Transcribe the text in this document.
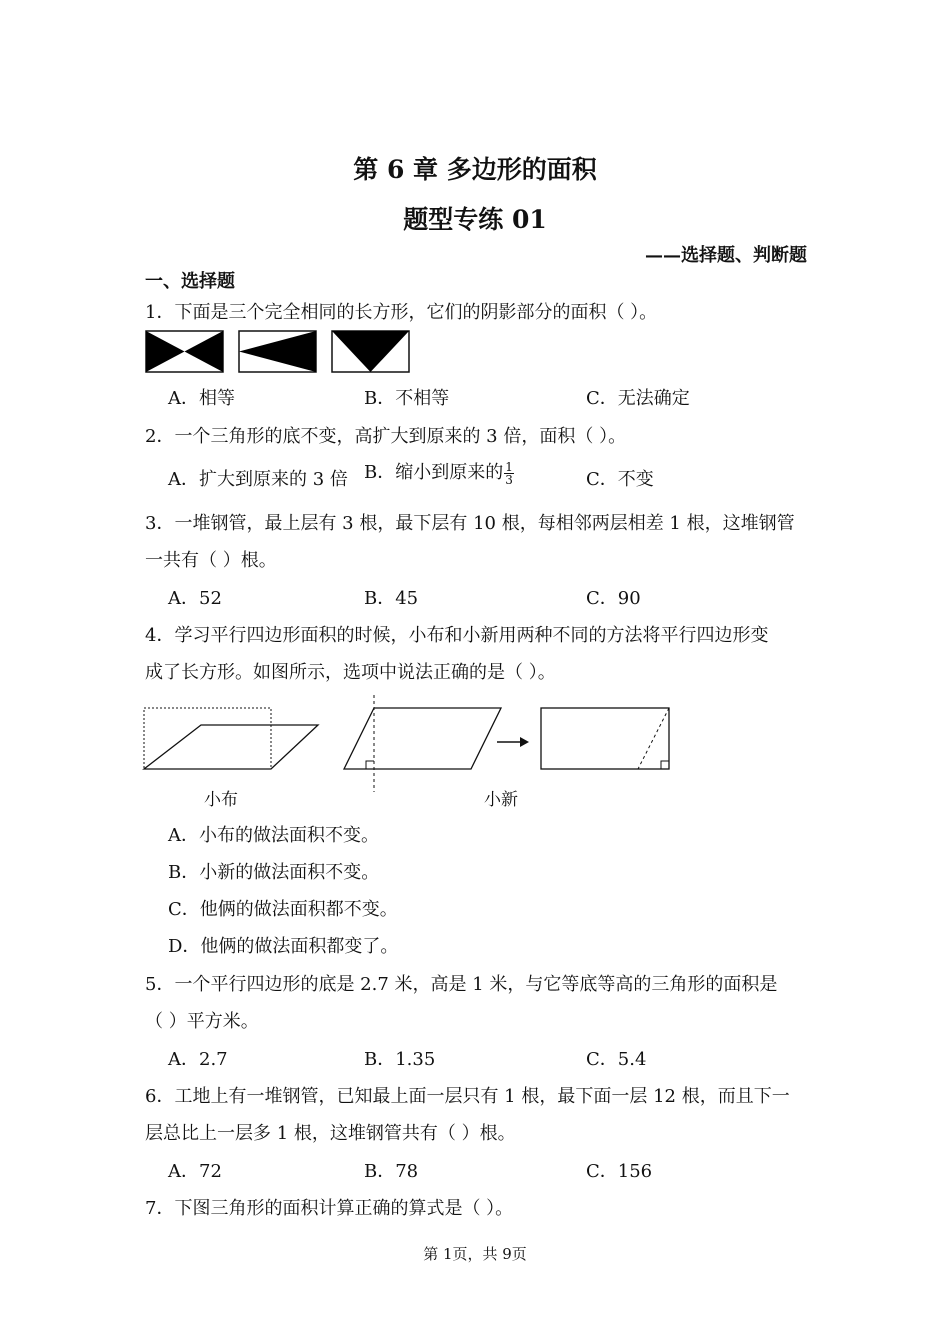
第 6 章 多边形的面积
题型专练 01
——选择题、判断题
一、选择题
1．下面是三个完全相同的长方形，它们的阴影部分的面积（ ）。
A．相等	B．不相等	C．无法确定
2．一个三角形的底不变，高扩大到原来的 3 倍，面积（ ）。
A．扩大到原来的 3 倍 B．缩小到原来的 $\frac{1}{3}$	C．不变
3．一堆钢管，最上层有 3 根，最下层有 10 根，每相邻两层相差 1 根，这堆钢管
一共有（ ）根。
A．52	B．45	C．90
4．学习平行四边形面积的时候，小布和小新用两种不同的方法将平行四边形变
成了长方形。如图所示，选项中说法正确的是（ ）。
小布	小新
A．小布的做法面积不变。
B．小新的做法面积不变。
C．他俩的做法面积都不变。
D．他俩的做法面积都变了。
5．一个平行四边形的底是 2.7 米，高是 1 米，与它等底等高的三角形的面积是
（ ）平方米。
A．2.7	B．1.35	C．5.4
6．工地上有一堆钢管，已知最上面一层只有 1 根，最下面一层 12 根，而且下一
层总比上一层多 1 根，这堆钢管共有（ ）根。
A．72	B．78	C．156
7．下图三角形的面积计算正确的算式是（ ）。
第 1页，共 9页
